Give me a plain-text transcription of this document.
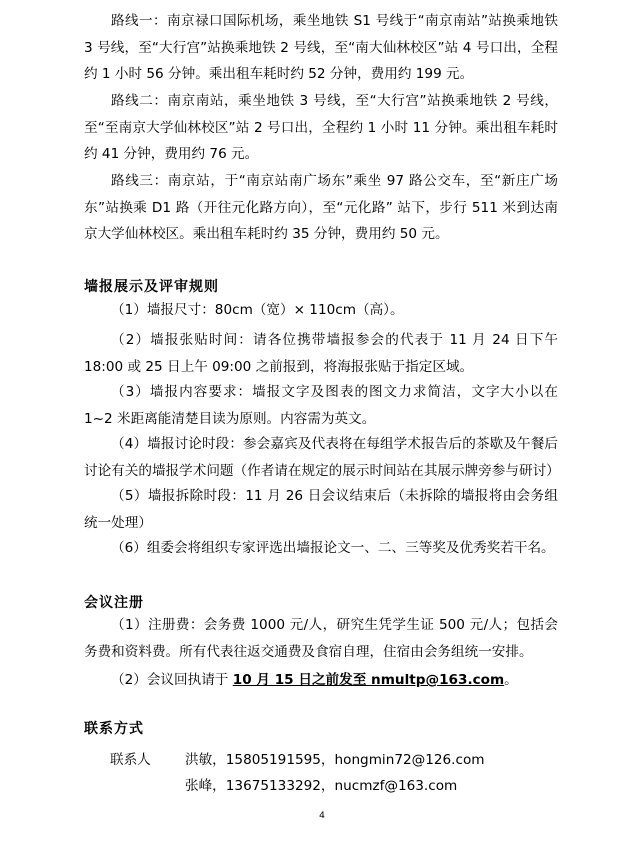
路线一：南京禄口国际机场，乘坐地铁 S1 号线于“南京南站”站换乘地铁 3 号线，至“大行宫”站换乘地铁 2 号线，至“南大仙林校区”站 4 号口出，全程约 1 小时 56 分钟。乘出租车耗时约 52 分钟，费用约 199 元。

路线二：南京南站，乘坐地铁 3 号线，至“大行宫”站换乘地铁 2 号线，至“至南京大学仙林校区”站 2 号口出，全程约 1 小时 11 分钟。乘出租车耗时约 41 分钟，费用约 76 元。

路线三：南京站，于“南京站南广场东”乘坐 97 路公交车，至“新庄广场东”站换乘 D1 路（开往元化路方向），至“元化路” 站下，步行 511 米到达南京大学仙林校区。乘出租车耗时约 35 分钟，费用约 50 元。

墙报展示及评审规则

（1）墙报尺寸：80cm（宽）× 110cm（高）。

（2）墙报张贴时间：请各位携带墙报参会的代表于 11 月 24 日下午 18:00 或 25 日上午 09:00 之前报到，将海报张贴于指定区域。

（3）墙报内容要求：墙报文字及图表的图文力求简洁，文字大小以在 1~2 米距离能清楚目读为原则。内容需为英文。

（4）墙报讨论时段：参会嘉宾及代表将在每组学术报告后的茶歇及午餐后讨论有关的墙报学术问题（作者请在规定的展示时间站在其展示牌旁参与研讨）

（5）墙报拆除时段：11 月 26 日会议结束后（未拆除的墙报将由会务组统一处理）

（6）组委会将组织专家评选出墙报论文一、二、三等奖及优秀奖若干名。

会议注册

（1）注册费：会务费 1000 元/人，研究生凭学生证 500 元/人；包括会务费和资料费。所有代表往返交通费及食宿自理，住宿由会务组统一安排。

（2）会议回执请于 10 月 15 日之前发至 nmultp@163.com。

联系方式
联系人	洪敏，15805191595，hongmin72@126.com
张峰，13675133292，nucmzf@163.com
4
